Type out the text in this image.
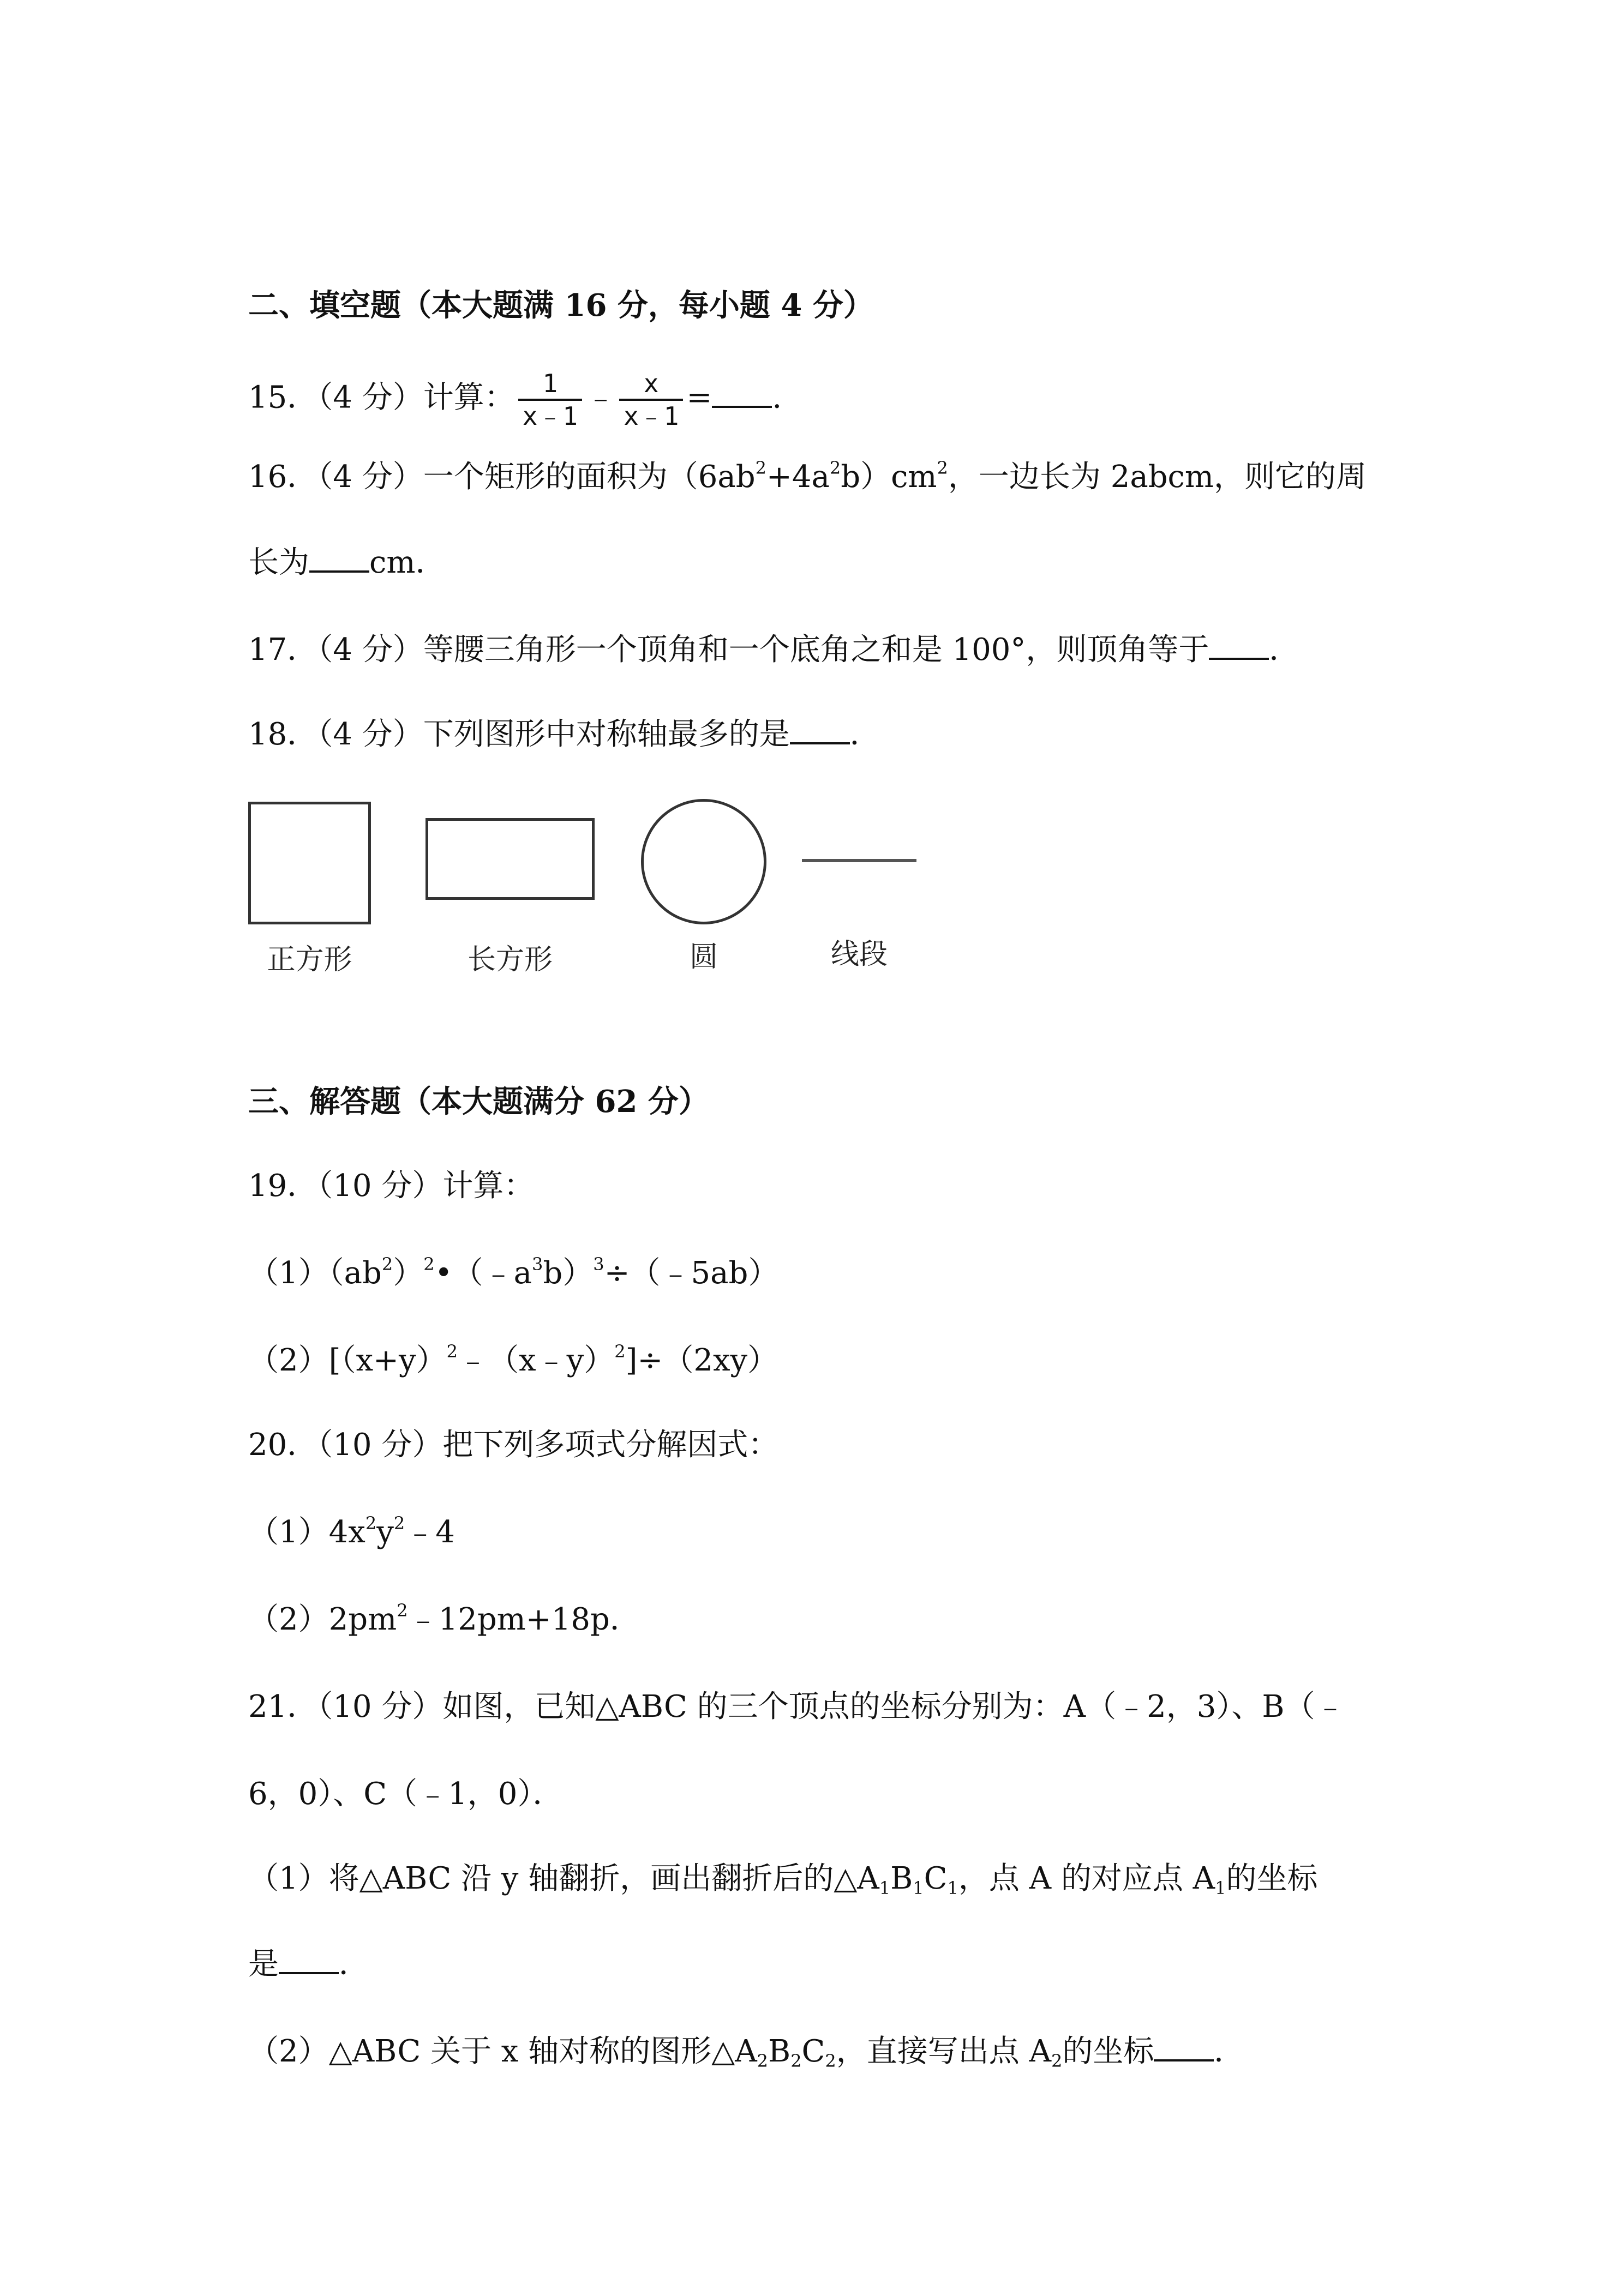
二、填空题（本大题满 16 分，每小题 4 分）
15．（4 分）计算： $\frac{1}{x﹣1}$ ﹣ $\frac{x}{x﹣1}$ = .
16．（4 分）一个矩形的面积为$(6ab^2+4a^2b)cm^2$，一边长为 2abcm，则它的周
长为 cm．
17．（4 分）等腰三角形一个顶角和一个底角之和是 100°，则顶角等于 ．
18．（4 分）下列图形中对称轴最多的是 ．
正方形	长方形	圆	线段
三、解答题（本大题满分 62 分）
19．（10 分）计算：
$(1)(ab^2)^2•(﹣a^3b)^3\div(﹣5ab)$
$(2)[(x+y)^2﹣(x﹣y)^2]\div(2xy)$
20．（10 分）把下列多项式分解因式：
$(1)4x^2y^2﹣4$
$(2)2pm^2﹣12pm+18p$．
21．（10 分）如图，已知△ABC 的三个顶点的坐标分别为：A（﹣2，3）、B（﹣
6，0）、C（﹣1，0）．
（1）将△ABC 沿 y 轴翻折，画出翻折后的$\triangle A_1B_1C_1$，点 A 的对应点 $A_1$的坐标
是 ．
（2）△ABC 关于 x 轴对称的图形$\triangle A_2B_2C_2$，直接写出点 $A_2$的坐标 ．
